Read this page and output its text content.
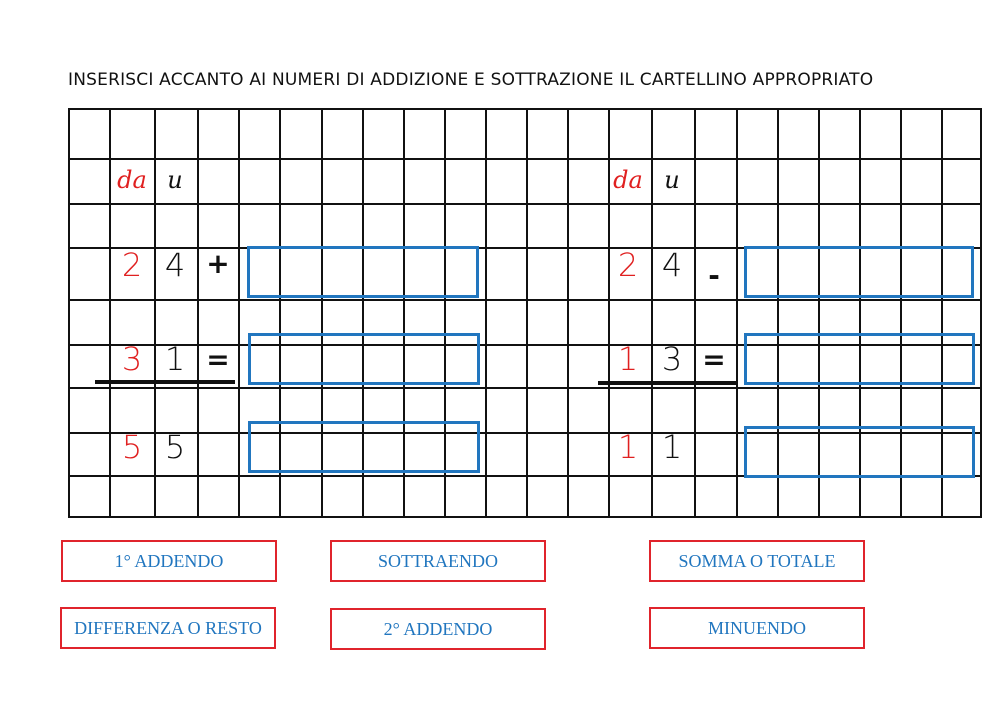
INSERISCI ACCANTO AI NUMERI DI ADDIZIONE E SOTTRAZIONE IL CARTELLINO APPROPRIATO
da u
2 4 +
3 1 =
5 5
da u
2 4 -
1 3 =
1 1
1° ADDENDO	SOTTRAENDO	SOMMA O TOTALE
DIFFERENZA O RESTO	2° ADDENDO	MINUENDO
